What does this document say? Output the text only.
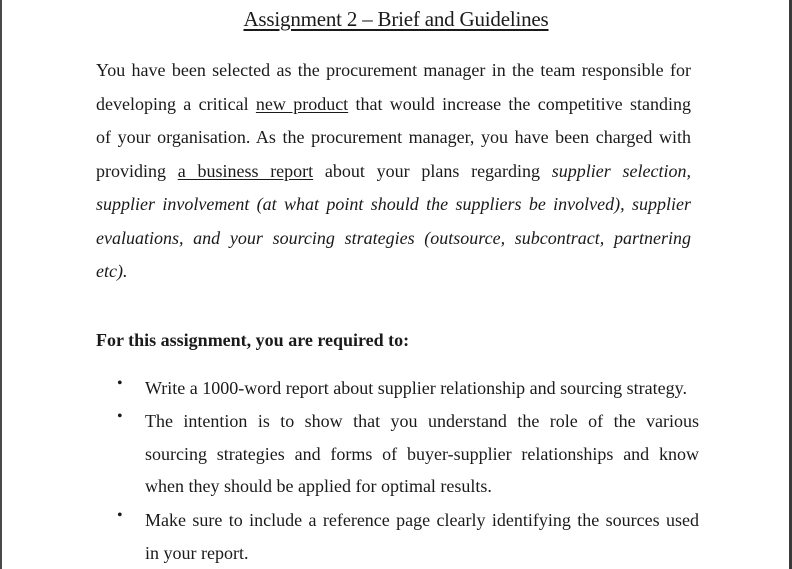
Assignment 2 – Brief and Guidelines
You have been selected as the procurement manager in the team responsible for
developing a critical new product that would increase the competitive standing
of your organisation. As the procurement manager, you have been charged with
providing a business report about your plans regarding supplier selection,
supplier involvement (at what point should the suppliers be involved), supplier
evaluations, and your sourcing strategies (outsource, subcontract, partnering
etc).
For this assignment, you are required to:
• Write a 1000-word report about supplier relationship and sourcing strategy.
• The intention is to show that you understand the role of the various
sourcing strategies and forms of buyer-supplier relationships and know
when they should be applied for optimal results.
• Make sure to include a reference page clearly identifying the sources used
in your report.
